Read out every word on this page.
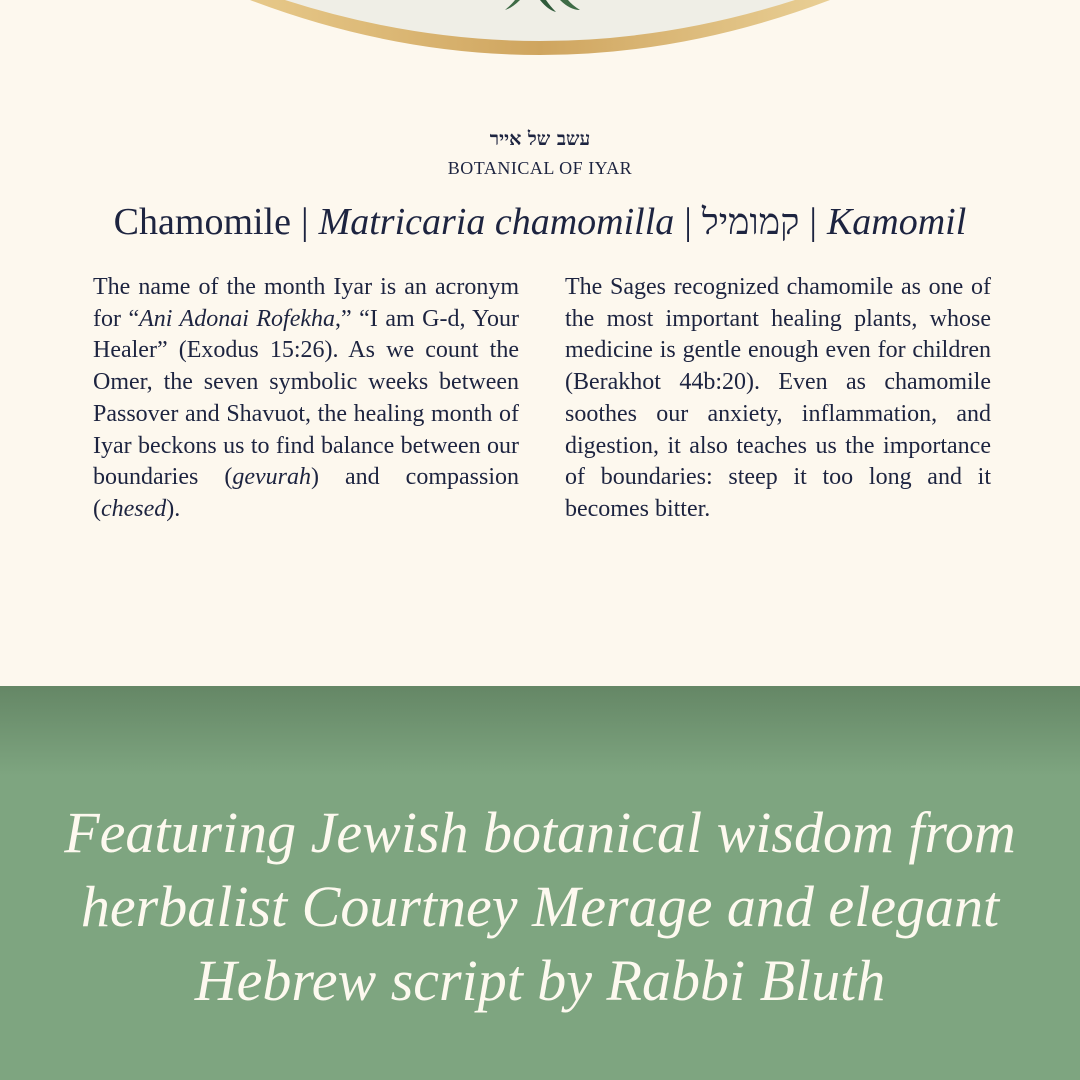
עשב של אייר
BOTANICAL OF IYAR
Chamomile | Matricaria chamomilla | קמומיל | Kamomil
The name of the month Iyar is an acronym for “Ani Adonai Rofekha,” “I am G-d, Your Healer” (Exodus 15:26). As we count the Omer, the seven symbolic weeks between Passover and Shavuot, the healing month of Iyar beckons us to find balance between our boundaries (gevurah) and compassion (chesed).
The Sages recognized chamomile as one of the most important healing plants, whose medicine is gentle enough even for children (Berakhot 44b:20). Even as chamomile soothes our anxiety, inflammation, and digestion, it also teaches us the importance of boundaries: steep it too long and it becomes bitter.
Featuring Jewish botanical wisdom from herbalist Courtney Merage and elegant Hebrew script by Rabbi Bluth
